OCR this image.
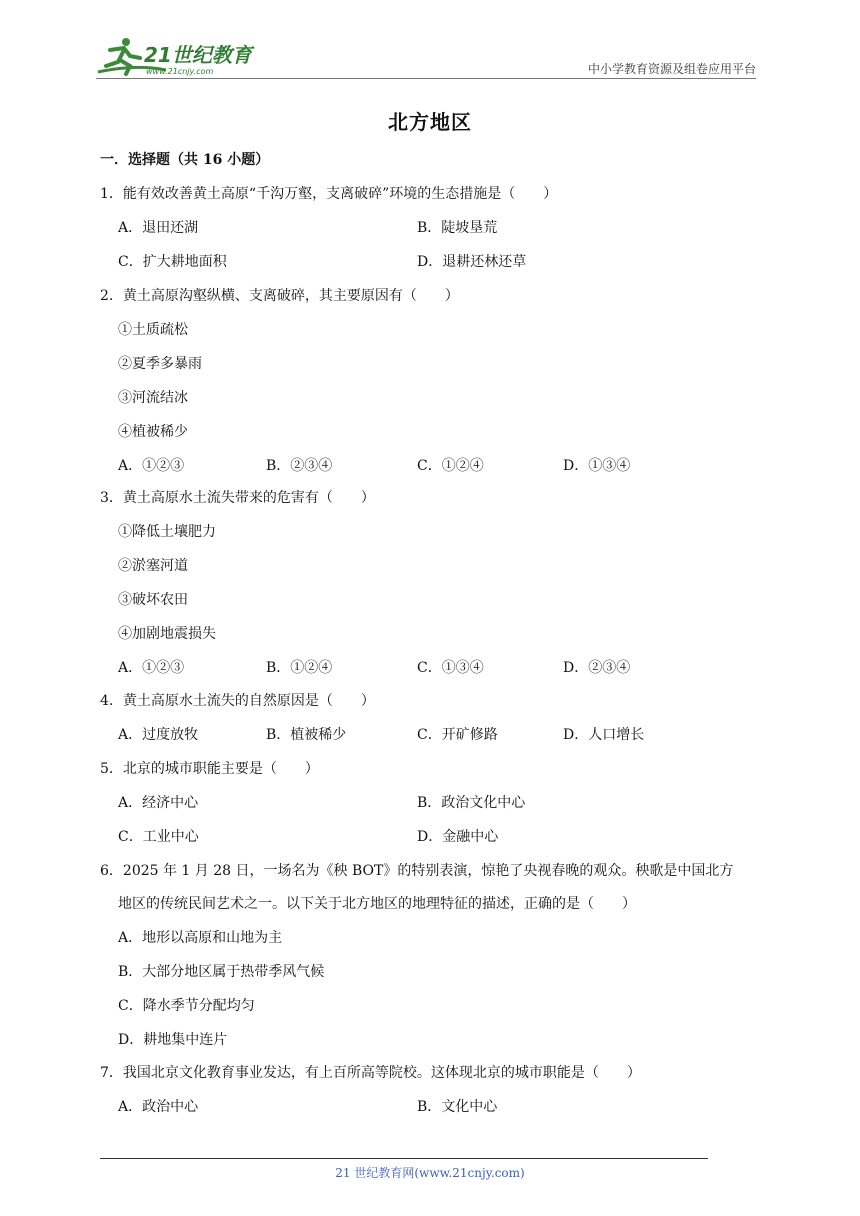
21世纪教育
www.21cnjy.com	中小学教育资源及组卷应用平台
北方地区
一．选择题（共 16 小题）
1．能有效改善黄土高原“千沟万壑，支离破碎”环境的生态措施是（　　）
A．退田还湖	B．陡坡垦荒
C．扩大耕地面积	D．退耕还林还草
2．黄土高原沟壑纵横、支离破碎，其主要原因有（　　）
①土质疏松
②夏季多暴雨
③河流结冰
④植被稀少
A．①②③	B．②③④	C．①②④	D．①③④
3．黄土高原水土流失带来的危害有（　　）
①降低土壤肥力
②淤塞河道
③破坏农田
④加剧地震损失
A．①②③	B．①②④	C．①③④	D．②③④
4．黄土高原水土流失的自然原因是（　　）
A．过度放牧	B．植被稀少	C．开矿修路	D．人口增长
5．北京的城市职能主要是（　　）
A．经济中心	B．政治文化中心
C．工业中心	D．金融中心
6．2025 年 1 月 28 日，一场名为《秧 BOT》的特别表演，惊艳了央视春晚的观众。秧歌是中国北方
地区的传统民间艺术之一。以下关于北方地区的地理特征的描述，正确的是（　　）
A．地形以高原和山地为主
B．大部分地区属于热带季风气候
C．降水季节分配均匀
D．耕地集中连片
7．我国北京文化教育事业发达，有上百所高等院校。这体现北京的城市职能是（　　）
A．政治中心	B．文化中心
21 世纪教育网(www.21cnjy.com)
